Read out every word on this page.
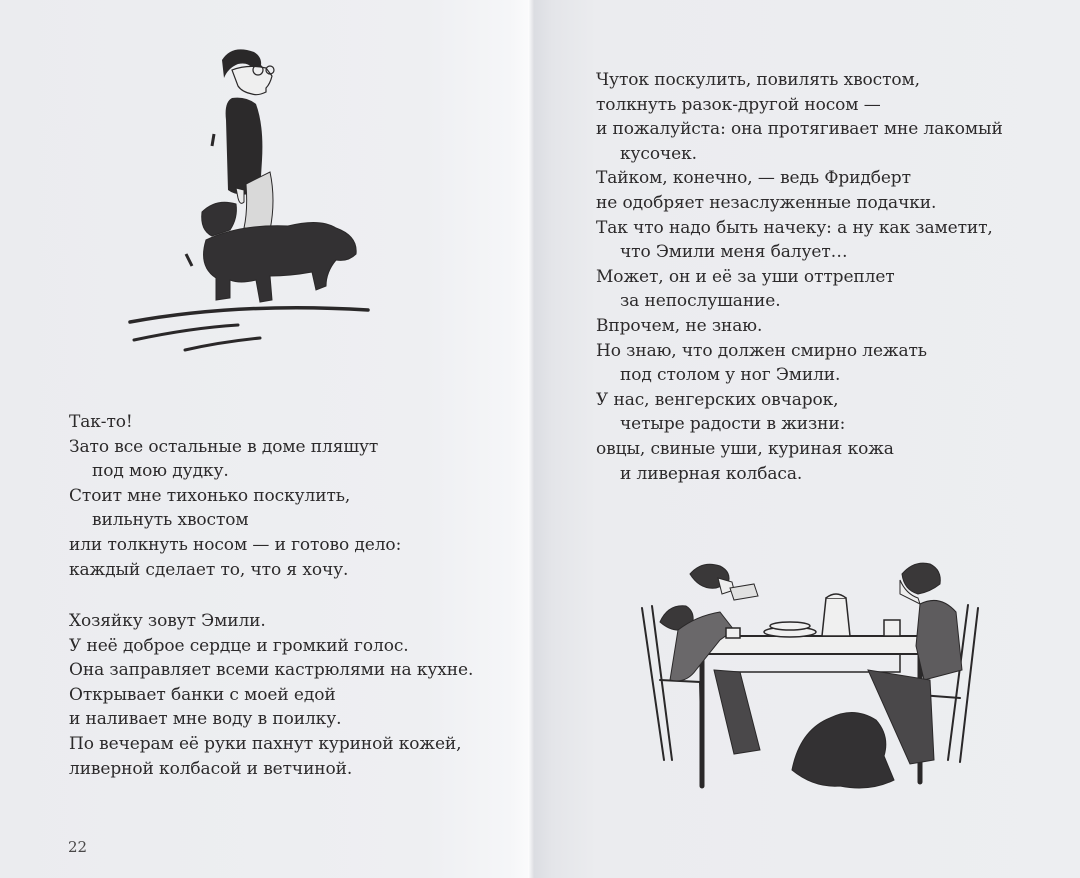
Так-то!
Зато все остальные в доме пляшут
под мою дудку.
Стоит мне тихонько поскулить,
вильнуть хвостом
или толкнуть носом — и готово дело:
каждый сделает то, что я хочу.
Хозяйку зовут Эмили.
У неё доброе сердце и громкий голос.
Она заправляет всеми кастрюлями на кухне.
Открывает банки с моей едой
и наливает мне воду в поилку.
По вечерам её руки пахнут куриной кожей,
ливерной колбасой и ветчиной.
22
Чуток поскулить, повилять хвостом,
толкнуть разок-другой носом —
и пожалуйста: она протягивает мне лакомый
кусочек.
Тайком, конечно, — ведь Фридберт
не одобряет незаслуженные подачки.
Так что надо быть начеку: а ну как заметит,
что Эмили меня балует…
Может, он и её за уши оттреплет
за непослушание.
Впрочем, не знаю.
Но знаю, что должен смирно лежать
под столом у ног Эмили.
У нас, венгерских овчарок,
четыре радости в жизни:
овцы, свиные уши, куриная кожа
и ливерная колбаса.
